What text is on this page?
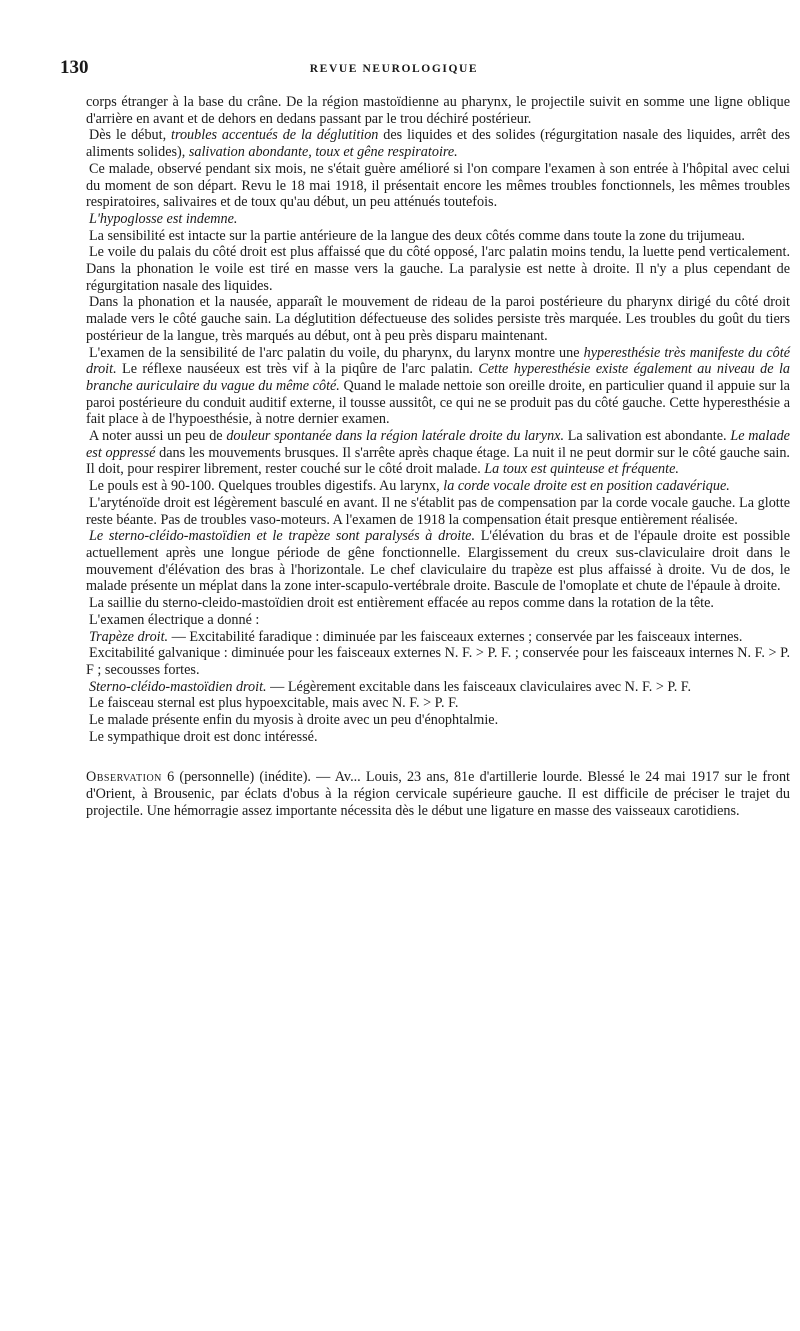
130	REVUE NEUROLOGIQUE

corps étranger à la base du crâne. De la région mastoïdienne au pharynx, le projectile suivit en somme une ligne oblique d'arrière en avant et de dehors en dedans passant par le trou déchiré postérieur.

Dès le début, troubles accentués de la déglutition des liquides et des solides (régurgitation nasale des liquides, arrêt des aliments solides), salivation abondante, toux et gêne respiratoire.

Ce malade, observé pendant six mois, ne s'était guère amélioré si l'on compare l'examen à son entrée à l'hôpital avec celui du moment de son départ. Revu le 18 mai 1918, il présentait encore les mêmes troubles fonctionnels, les mêmes troubles respiratoires, salivaires et de toux qu'au début, un peu atténués toutefois.

L'hypoglosse est indemne.

La sensibilité est intacte sur la partie antérieure de la langue des deux côtés comme dans toute la zone du trijumeau.

Le voile du palais du côté droit est plus affaissé que du côté opposé, l'arc palatin moins tendu, la luette pend verticalement. Dans la phonation le voile est tiré en masse vers la gauche. La paralysie est nette à droite. Il n'y a plus cependant de régurgitation nasale des liquides.

Dans la phonation et la nausée, apparaît le mouvement de rideau de la paroi postérieure du pharynx dirigé du côté droit malade vers le côté gauche sain. La déglutition défectueuse des solides persiste très marquée. Les troubles du goût du tiers postérieur de la langue, très marqués au début, ont à peu près disparu maintenant.

L'examen de la sensibilité de l'arc palatin du voile, du pharynx, du larynx montre une hyperesthésie très manifeste du côté droit. Le réflexe nauséeux est très vif à la piqûre de l'arc palatin. Cette hyperesthésie existe également au niveau de la branche auriculaire du vague du même côté. Quand le malade nettoie son oreille droite, en particulier quand il appuie sur la paroi postérieure du conduit auditif externe, il tousse aussitôt, ce qui ne se produit pas du côté gauche. Cette hyperesthésie a fait place à de l'hypoesthésie, à notre dernier examen.

A noter aussi un peu de douleur spontanée dans la région latérale droite du larynx. La salivation est abondante. Le malade est oppressé dans les mouvements brusques. Il s'arrête après chaque étage. La nuit il ne peut dormir sur le côté gauche sain. Il doit, pour respirer librement, rester couché sur le côté droit malade. La toux est quinteuse et fréquente.

Le pouls est à 90-100. Quelques troubles digestifs. Au larynx, la corde vocale droite est en position cadavérique.

L'aryténoïde droit est légèrement basculé en avant. Il ne s'établit pas de compensation par la corde vocale gauche. La glotte reste béante. Pas de troubles vaso-moteurs. A l'examen de 1918 la compensation était presque entièrement réalisée.

Le sterno-cléido-mastoïdien et le trapèze sont paralysés à droite. L'élévation du bras et de l'épaule droite est possible actuellement après une longue période de gêne fonctionnelle. Elargissement du creux sus-claviculaire droit dans le mouvement d'élévation des bras à l'horizontale. Le chef claviculaire du trapèze est plus affaissé à droite. Vu de dos, le malade présente un méplat dans la zone inter-scapulo-vertébrale droite. Bascule de l'omoplate et chute de l'épaule à droite.

La saillie du sterno-cleido-mastoïdien droit est entièrement effacée au repos comme dans la rotation de la tête.

L'examen électrique a donné :

Trapèze droit. — Excitabilité faradique : diminuée par les faisceaux externes ; conservée par les faisceaux internes.

Excitabilité galvanique : diminuée pour les faisceaux externes N. F. > P. F. ; conservée pour les faisceaux internes N. F. > P. F ; secousses fortes.

Sterno-cléido-mastoïdien droit. — Légèrement excitable dans les faisceaux claviculaires avec N. F. > P. F.

Le faisceau sternal est plus hypoexcitable, mais avec N. F. > P. F.

Le malade présente enfin du myosis à droite avec un peu d'énophtalmie.

Le sympathique droit est donc intéressé.

Observation 6 (personnelle) (inédite). — Av... Louis, 23 ans, 81e d'artillerie lourde. Blessé le 24 mai 1917 sur le front d'Orient, à Brousenic, par éclats d'obus à la région cervicale supérieure gauche. Il est difficile de préciser le trajet du projectile. Une hémorragie assez importante nécessita dès le début une ligature en masse des vaisseaux carotidiens.
